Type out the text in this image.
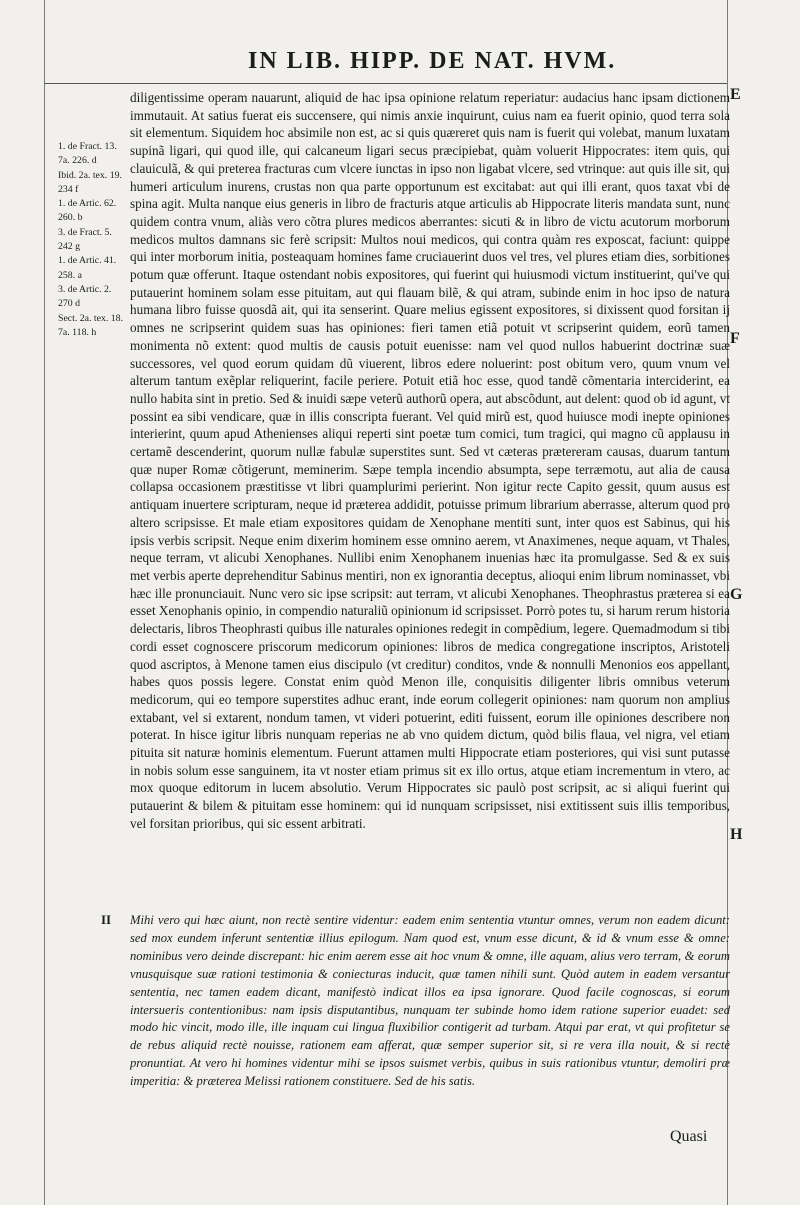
IN LIB. HIPP. DE NAT. HVM.
1. de Fract. 13.
7a. 226. d
Ibid. 2a. tex. 19.
234 f
1. de Artic. 62.
260. b
3. de Fract. 5.
242 g
1. de Artic. 41.
258. a
3. de Artic. 2.
270 d
Sect. 2a. tex. 18.
7a. 118. h

diligentissime operam nauarunt, aliquid de hac ipsa opinione relatum reperiatur: audacius hanc ipsam dictionem immutauit. At satius fuerat eis succensere, qui nimis anxie inquirunt, cuius nam ea fuerit opinio, quod terra sola sit elementum. Siquidem hoc absimile non est, ac si quis quæreret quis nam is fuerit qui volebat, manum luxatam supinã ligari, qui quod ille, qui calcaneum ligari secus præcipiebat, quàm voluerit Hippocrates: item quis, qui clauiculã, & qui preterea fracturas cum vlcere iunctas in ipso non ligabat vlcere, sed vtrinque: aut quis ille sit, qui humeri articulum inurens, crustas non qua parte opportunum est excitabat: aut qui illi erant, quos taxat vbi de spina agit. Multa nanque eius generis in libro de fracturis atque articulis ab Hippocrate literis mandata sunt, nunc quidem contra vnum, aliàs vero cõtra plures medicos aberrantes: sicuti & in libro de victu acutorum morborum medicos multos damnans sic ferè scripsit: Multos noui medicos, qui contra quàm res exposcat, faciunt: quippe qui inter morborum initia, posteaquam homines fame cruciauerint duos vel tres, vel plures etiam dies, sorbitiones potum quæ offerunt. Itaque ostendant nobis expositores, qui fuerint qui huiusmodi victum instituerint, qui've qui putauerint hominem solam esse pituitam, aut qui flauam bilẽ, & qui atram, subinde enim in hoc ipso de natura humana libro fuisse quosdã ait, qui ita senserint. Quare melius egissent expositores, si dixissent quod forsitan ij omnes ne scripserint quidem suas has opiniones: fieri tamen etiã potuit vt scripserint quidem, eorũ tamen monimenta nõ extent: quod multis de causis potuit euenisse: nam vel quod nullos habuerint doctrinæ suæ successores, vel quod eorum quidam dũ viuerent, libros edere noluerint: post obitum vero, quum vnum vel alterum tantum exẽplar reliquerint, facile periere. Potuit etiã hoc esse, quod tandẽ cõmentaria interciderint, ea nullo habita sint in pretio. Sed & inuidi sæpe veterũ authorũ opera, aut abscõdunt, aut delent: quod ob id agunt, vt possint ea sibi vendicare, quæ in illis conscripta fuerant. Vel quid mirũ est, quod huiusce modi inepte opiniones interierint, quum apud Athenienses aliqui reperti sint poetæ tum comici, tum tragici, qui magno cũ applausu in certamẽ descenderint, quorum nullæ fabulæ superstites sunt. Sed vt cæteras prætereram causas, duarum tantum quæ nuper Romæ cõtigerunt, meminerim. Sæpe templa incendio absumpta, sepe terræmotu, aut alia de causa collapsa occasionem præstitisse vt libri quamplurimi perierint. Non igitur recte Capito gessit, quum ausus est antiquam inuertere scripturam, neque id præterea addidit, potuisse primum librarium aberrasse, alterum quod pro altero scripsisse. Et male etiam expositores quidam de Xenophane mentiti sunt, inter quos est Sabinus, qui his ipsis verbis scripsit. Neque enim dixerim hominem esse omnino aerem, vt Anaximenes, neque aquam, vt Thales, neque terram, vt alicubi Xenophanes. Nullibi enim Xenophanem inuenias hæc ita promulgasse. Sed & ex suis met verbis aperte deprehenditur Sabinus mentiri, non ex ignorantia deceptus, alioqui enim librum nominasset, vbi hæc ille pronunciauit. Nunc vero sic ipse scripsit: aut terram, vt alicubi Xenophanes. Theophrastus præterea si ea esset Xenophanis opinio, in compendio naturaliũ opinionum id scripsisset. Porrò potes tu, si harum rerum historia delectaris, libros Theophrasti quibus ille naturales opiniones redegit in compẽdium, legere. Quemadmodum si tibi cordi esset cognoscere priscorum medicorum opiniones: libros de medica congregatione inscriptos, Aristoteli quod ascriptos, à Menone tamen eius discipulo (vt creditur) conditos, vnde & nonnulli Menonios eos appellant, habes quos possis legere. Constat enim quòd Menon ille, conquisitis diligenter libris omnibus veterum medicorum, qui eo tempore superstites adhuc erant, inde eorum collegerit opiniones: nam quorum non amplius extabant, vel si extarent, nondum tamen, vt videri potuerint, editi fuissent, eorum ille opiniones describere non poterat. In hisce igitur libris nunquam reperias ne ab vno quidem dictum, quòd bilis flaua, vel nigra, vel etiam pituita sit naturæ hominis elementum. Fuerunt attamen multi Hippocrate etiam posteriores, qui visi sunt putasse in nobis solum esse sanguinem, ita vt noster etiam primus sit ex illo ortus, atque etiam incrementum in vtero, ac mox quoque editorum in lucem absolutio. Verum Hippocrates sic paulò post scripsit, ac si aliqui fuerint qui putauerint & bilem & pituitam esse hominem: qui id nunquam scripsisset, nisi extitissent suis illis temporibus, vel forsitan prioribus, qui sic essent arbitrati.

E
F
G
H
II Mihi vero qui hæc aiunt, non rectè sentire videntur: eadem enim sententia vtuntur omnes, verum non eadem dicunt: sed mox eundem inferunt sententiæ illius epilogum. Nam quod est, vnum esse dicunt, & id & vnum esse & omne: nominibus vero deinde discrepant: hic enim aerem esse ait hoc vnum & omne, ille aquam, alius vero terram, & eorum vnusquisque suæ rationi testimonia & coniecturas inducit, quæ tamen nihili sunt. Quòd autem in eadem versantur sententia, nec tamen eadem dicant, manifestò indicat illos ea ipsa ignorare. Quod facile cognoscas, si eorum intersueris contentionibus: nam ipsis disputantibus, nunquam ter subinde homo idem ratione superior euadet: sed modo hic vincit, modo ille, ille inquam cui lingua fluxibilior contigerit ad turbam. Atqui par erat, vt qui profitetur se de rebus aliquid rectè nouisse, rationem eam afferat, quæ semper superior sit, si re vera illa nouit, & si rectè pronuntiat. At vero hi homines videntur mihi se ipsos suismet verbis, quibus in suis rationibus vtuntur, demoliri præ imperitia: & præterea Melissi rationem constituere. Sed de his satis.
Quasi
